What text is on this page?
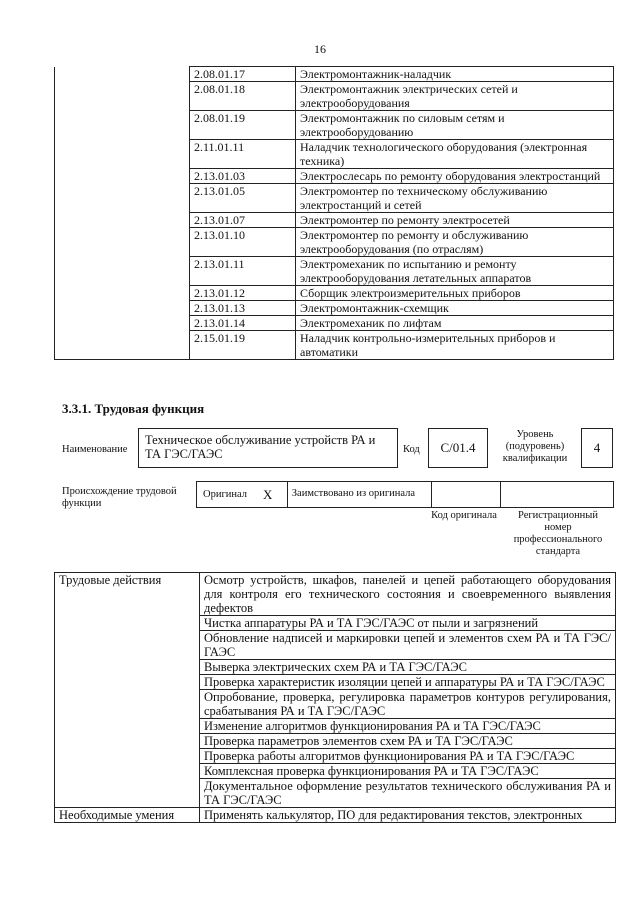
16
	2.08.01.17	Электромонтажник-наладчик
	2.08.01.18	Электромонтажник электрических сетей и электрооборудования
	2.08.01.19	Электромонтажник по силовым сетям и электрооборудованию
	2.11.01.11	Наладчик технологического оборудования (электронная техника)
	2.13.01.03	Электрослесарь по ремонту оборудования электростанций
	2.13.01.05	Электромонтер по техническому обслуживанию электростанций и сетей
	2.13.01.07	Электромонтер по ремонту электросетей
	2.13.01.10	Электромонтер по ремонту и обслуживанию электрооборудования (по отраслям)
	2.13.01.11	Электромеханик по испытанию и ремонту электрооборудования летательных аппаратов
	2.13.01.12	Сборщик электроизмерительных приборов
	2.13.01.13	Электромонтажник-схемщик
	2.13.01.14	Электромеханик по лифтам
	2.15.01.19	Наладчик контрольно-измерительных приборов и автоматики
3.3.1. Трудовая функция
Наименование
Техническое обслуживание устройств РА и ТА ГЭС/ГАЭС	Код	C/01.4
Уровень (подуровень) квалификации
4
Происхождение трудовой функции
Оригинал X	Заимствовано из оригинала
Код оригинала	Регистрационный номер профессионального стандарта
Трудовые действия	Осмотр устройств, шкафов, панелей и цепей работающего оборудования для контроля его технического состояния и своевременного выявления дефектов
	Чистка аппаратуры РА и ТА ГЭС/ГАЭС от пыли и загрязнений
	Обновление надписей и маркировки цепей и элементов схем РА и ТА ГЭС/ГАЭС
	Выверка электрических схем РА и ТА ГЭС/ГАЭС
	Проверка характеристик изоляции цепей и аппаратуры РА и ТА ГЭС/ГАЭС
	Опробование, проверка, регулировка параметров контуров регулирования, срабатывания РА и ТА ГЭС/ГАЭС
	Изменение алгоритмов функционирования РА и ТА ГЭС/ГАЭС
	Проверка параметров элементов схем РА и ТА ГЭС/ГАЭС
	Проверка работы алгоритмов функционирования РА и ТА ГЭС/ГАЭС
	Комплексная проверка функционирования РА и ТА ГЭС/ГАЭС
	Документальное оформление результатов технического обслуживания РА и ТА ГЭС/ГАЭС
Необходимые умения	Применять калькулятор, ПО для редактирования текстов, электронных
